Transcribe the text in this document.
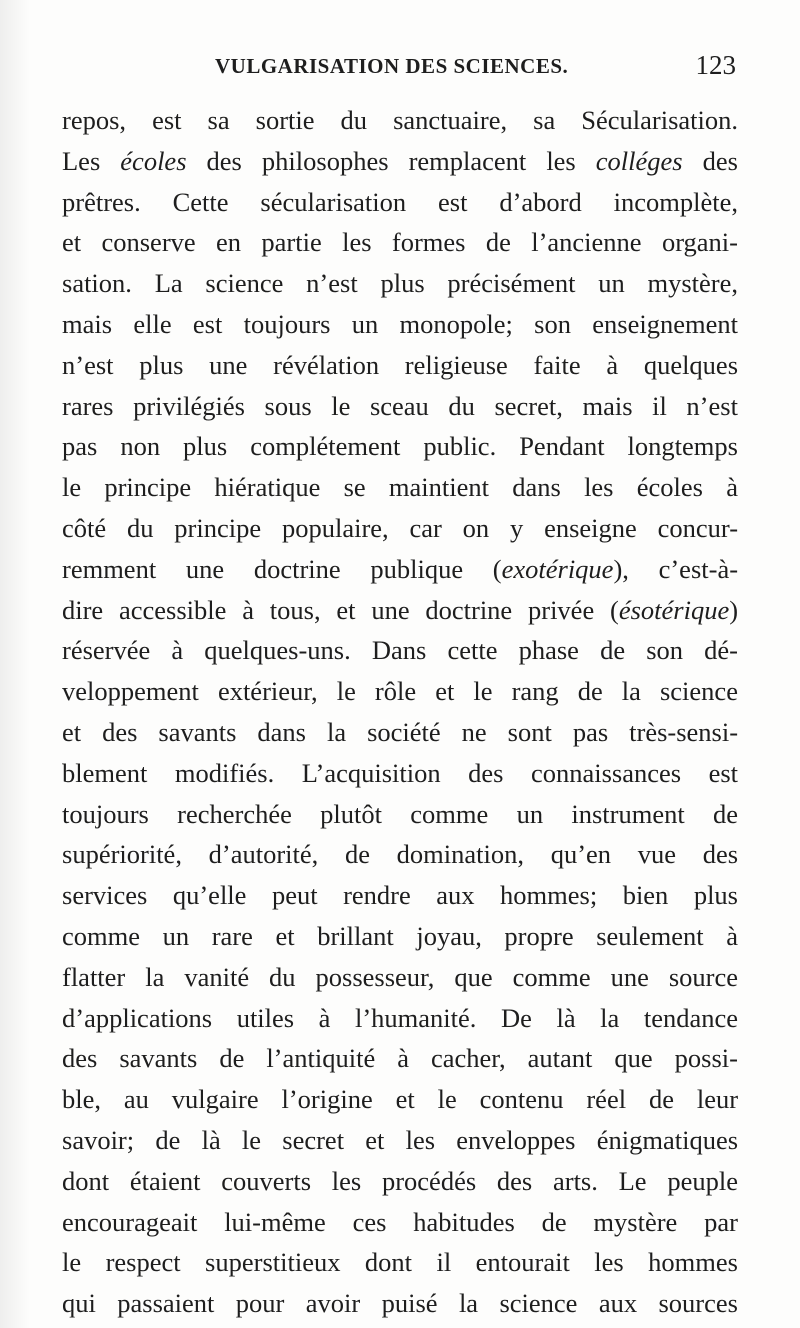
VULGARISATION DES SCIENCES.	123
repos, est sa sortie du sanctuaire, sa Sécularisation.
Les écoles des philosophes remplacent les colléges des
prêtres. Cette sécularisation est d’abord incomplète,
et conserve en partie les formes de l’ancienne organi-
sation. La science n’est plus précisément un mystère,
mais elle est toujours un monopole; son enseignement
n’est plus une révélation religieuse faite à quelques
rares privilégiés sous le sceau du secret, mais il n’est
pas non plus complétement public. Pendant longtemps
le principe hiératique se maintient dans les écoles à
côté du principe populaire, car on y enseigne concur-
remment une doctrine publique ( exotérique ), c’est-à-
dire accessible à tous, et une doctrine privée ( ésotérique )
réservée à quelques-uns. Dans cette phase de son dé-
veloppement extérieur, le rôle et le rang de la science
et des savants dans la société ne sont pas très-sensi-
blement modifiés. L’acquisition des connaissances est
toujours recherchée plutôt comme un instrument de
supériorité, d’autorité, de domination, qu’en vue des
services qu’elle peut rendre aux hommes; bien plus
comme un rare et brillant joyau, propre seulement à
flatter la vanité du possesseur, que comme une source
d’applications utiles à l’humanité. De là la tendance
des savants de l’antiquité à cacher, autant que possi-
ble, au vulgaire l’origine et le contenu réel de leur
savoir; de là le secret et les enveloppes énigmatiques
dont étaient couverts les procédés des arts. Le peuple
encourageait lui-même ces habitudes de mystère par
le respect superstitieux dont il entourait les hommes
qui passaient pour avoir puisé la science aux sources
